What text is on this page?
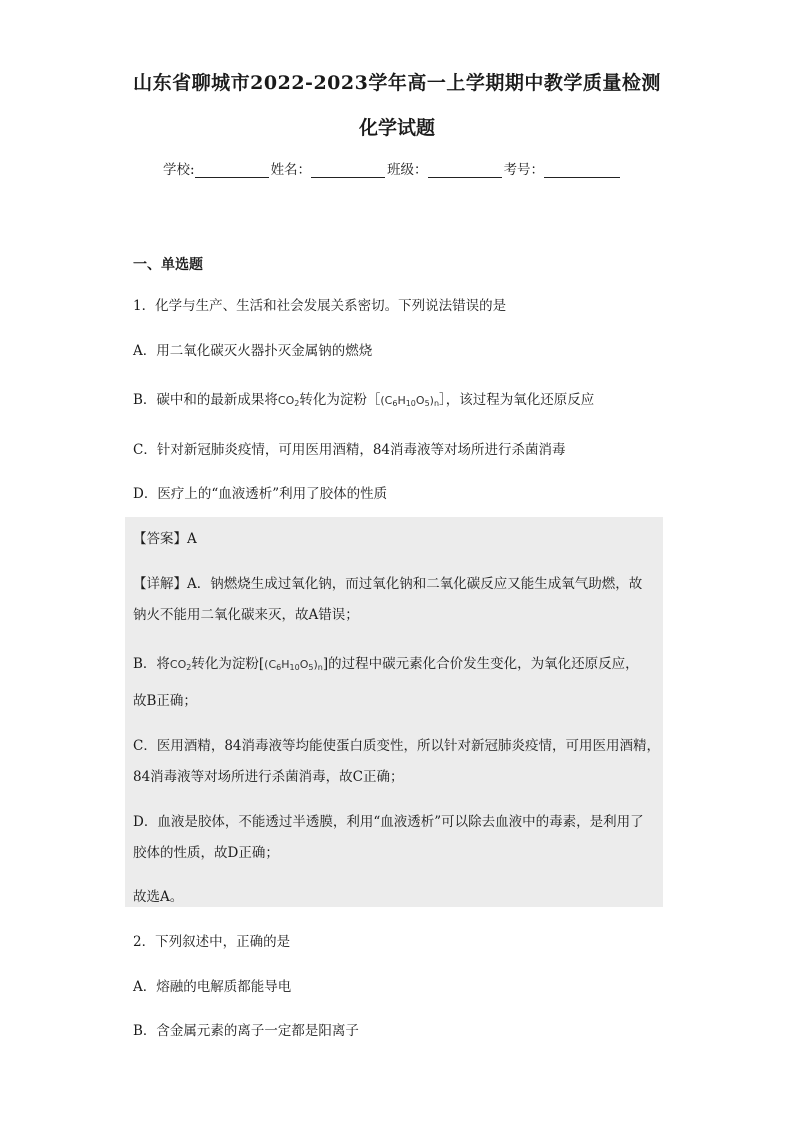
山东省聊城市2022-2023学年高一上学期期中教学质量检测
化学试题
学校:	姓名：	班级：	考号：
一、单选题
1．化学与生产、生活和社会发展关系密切。下列说法错误的是
A．用二氧化碳灭火器扑灭金属钠的燃烧
B．碳中和的最新成果将$CO_2$转化为淀粉$[(C_6H_{10}O_5)_n]$，该过程为氧化还原反应
C．针对新冠肺炎疫情，可用医用酒精，84消毒液等对场所进行杀菌消毒
D．医疗上的“血液透析”利用了胶体的性质
【答案】A
【详解】A．钠燃烧生成过氧化钠，而过氧化钠和二氧化碳反应又能生成氧气助燃，故
钠火不能用二氧化碳来灭，故A错误；
B．将$CO_2$转化为淀粉$[(C_6H_{10}O_5)_n]$的过程中碳元素化合价发生变化，为氧化还原反应，
故B正确；
C．医用酒精，84消毒液等均能使蛋白质变性，所以针对新冠肺炎疫情，可用医用酒精，
84消毒液等对场所进行杀菌消毒，故C正确；
D．血液是胶体，不能透过半透膜，利用“血液透析”可以除去血液中的毒素，是利用了
胶体的性质，故D正确；
故选A。
2．下列叙述中，正确的是
A．熔融的电解质都能导电
B．含金属元素的离子一定都是阳离子
